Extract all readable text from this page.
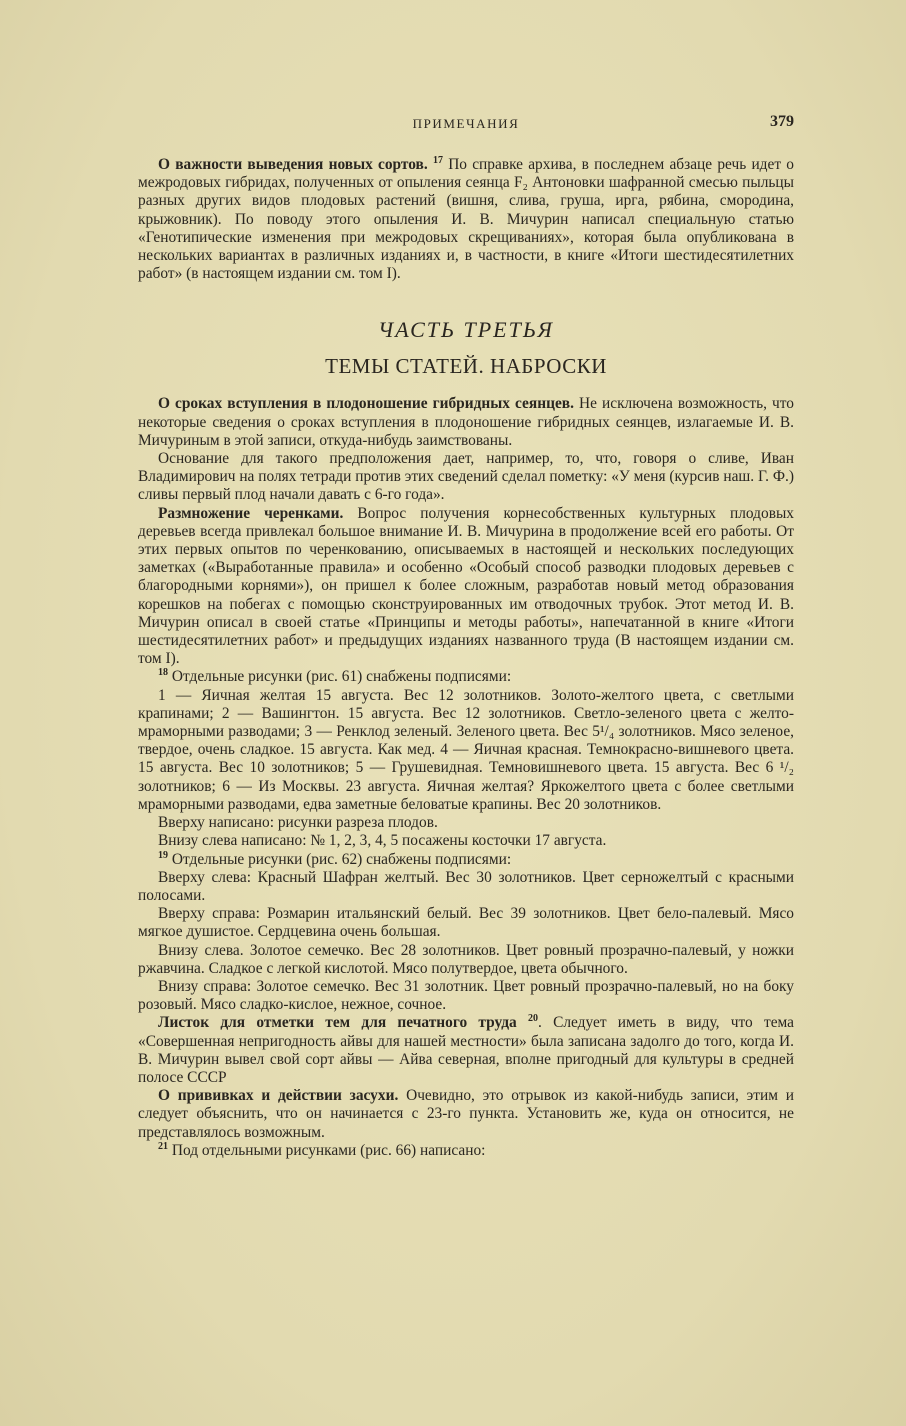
ПРИМЕЧАНИЯ	379

О важности выведения новых сортов. $^{17}$ По справке архива, в последнем абзаце речь идет о межродовых гибридах, полученных от опыления сеянца F₂ Антоновки шафранной смесью пыльцы разных других видов плодовых растений (вишня, слива, груша, ирга, рябина, смородина, крыжовник). По поводу этого опыления И. В. Мичурин написал специальную статью «Генотипические изменения при межродовых скрещиваниях», которая была опубликована в нескольких вариантах в различных изданиях и, в частности, в книге «Итоги шестидесятилетних работ» (в настоящем издании см. том I).

ЧАСТЬ ТРЕТЬЯ
ТЕМЫ СТАТЕЙ. НАБРОСКИ

О сроках вступления в плодоношение гибридных сеянцев. Не исключена возможность, что некоторые сведения о сроках вступления в плодоношение гибридных сеянцев, излагаемые И. В. Мичуриным в этой записи, откуда-нибудь заимствованы.

Основание для такого предположения дает, например, то, что, говоря о сливе, Иван Владимирович на полях тетради против этих сведений сделал пометку: «У меня (курсив наш. Г. Ф.) сливы первый плод начали давать с 6-го года».

Размножение черенками. Вопрос получения корнесобственных культурных плодовых деревьев всегда привлекал большое внимание И. В. Мичурина в продолжение всей его работы. От этих первых опытов по черенкованию, описываемых в настоящей и нескольких последующих заметках («Выработанные правила» и особенно «Особый способ разводки плодовых деревьев с благородными корнями»), он пришел к более сложным, разработав новый метод образования корешков на побегах с помощью сконструированных им отводочных трубок. Этот метод И. В. Мичурин описал в своей статье «Принципы и методы работы», напечатанной в книге «Итоги шестидесятилетних работ» и предыдущих изданиях названного труда (В настоящем издании см. том I).

$^{18}$ Отдельные рисунки (рис. 61) снабжены подписями:

1 — Яичная желтая 15 августа. Вес 12 золотников. Золото-желтого цвета, с светлыми крапинами; 2 — Вашингтон. 15 августа. Вес 12 золотников. Светло-зеленого цвета с желто-мраморными разводами; 3 — Ренклод зеленый. Зеленого цвета. Вес 5¹/₄ золотников. Мясо зеленое, твердое, очень сладкое. 15 августа. Как мед. 4 — Яичная красная. Темнокрасно-вишневого цвета. 15 августа. Вес 10 золотников; 5 — Грушевидная. Темновишневого цвета. 15 августа. Вес 6 ¹/₂ золотников; 6 — Из Москвы. 23 августа. Яичная желтая? Яркожелтого цвета с более светлыми мраморными разводами, едва заметные беловатые крапины. Вес 20 золотников.

Вверху написано: рисунки разреза плодов.

Внизу слева написано: № 1, 2, 3, 4, 5 посажены косточки 17 августа.

$^{19}$ Отдельные рисунки (рис. 62) снабжены подписями:

Вверху слева: Красный Шафран желтый. Вес 30 золотников. Цвет серножелтый с красными полосами.

Вверху справа: Розмарин итальянский белый. Вес 39 золотников. Цвет бело-палевый. Мясо мягкое душистое. Сердцевина очень большая.

Внизу слева. Золотое семечко. Вес 28 золотников. Цвет ровный прозрачно-палевый, у ножки ржавчина. Сладкое с легкой кислотой. Мясо полутвердое, цвета обычного.

Внизу справа: Золотое семечко. Вес 31 золотник. Цвет ровный прозрачно-палевый, но на боку розовый. Мясо сладко-кислое, нежное, сочное.

Листок для отметки тем для печатного труда $^{20}$. Следует иметь в виду, что тема «Совершенная непригодность айвы для нашей местности» была записана задолго до того, когда И. В. Мичурин вывел свой сорт айвы — Айва северная, вполне пригодный для культуры в средней полосе СССР

О прививках и действии засухи. Очевидно, это отрывок из какой-нибудь записи, этим и следует объяснить, что он начинается с 23-го пункта. Установить же, куда он относится, не представлялось возможным.

$^{21}$ Под отдельными рисунками (рис. 66) написано:
